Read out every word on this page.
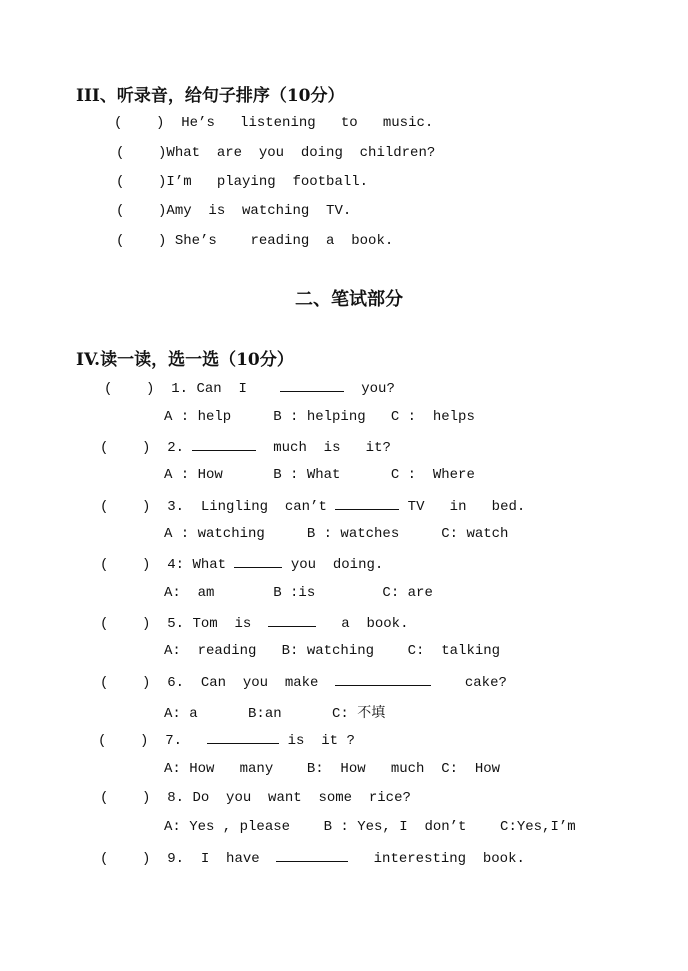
III、听录音，给句子排序（10分）
(    ) He’s   listening   to   music.
(    )What  are  you  doing  children?
(    )I’m   playing  football.
(    )Amy  is  watching  TV.
(    ) She’s    reading  a  book.
二、笔试部分
IV.读一读，选一选（10分）
(    ) 1. Can  I	you?
A : help     B : helping   C :  helps
(    ) 2.	much  is   it?
A : How      B : What      C :  Where
(    ) 3.  Lingling  can’t	TV   in   bed.
A : watching     B : watches     C: watch
(    ) 4: What	you  doing.
A:  am       B :is        C: are
(    ) 5. Tom  is	a  book.
A:  reading   B: watching    C:  talking
(    ) 6.  Can  you  make	cake?
A: a      B:an      C: 不填
(    ) 7.	is  it ?
A: How   many    B:  How   much  C:  How
(    ) 8. Do  you  want  some  rice?
A: Yes , please    B : Yes, I  don’t    C:Yes,I’m
(    ) 9.  I  have	interesting  book.
